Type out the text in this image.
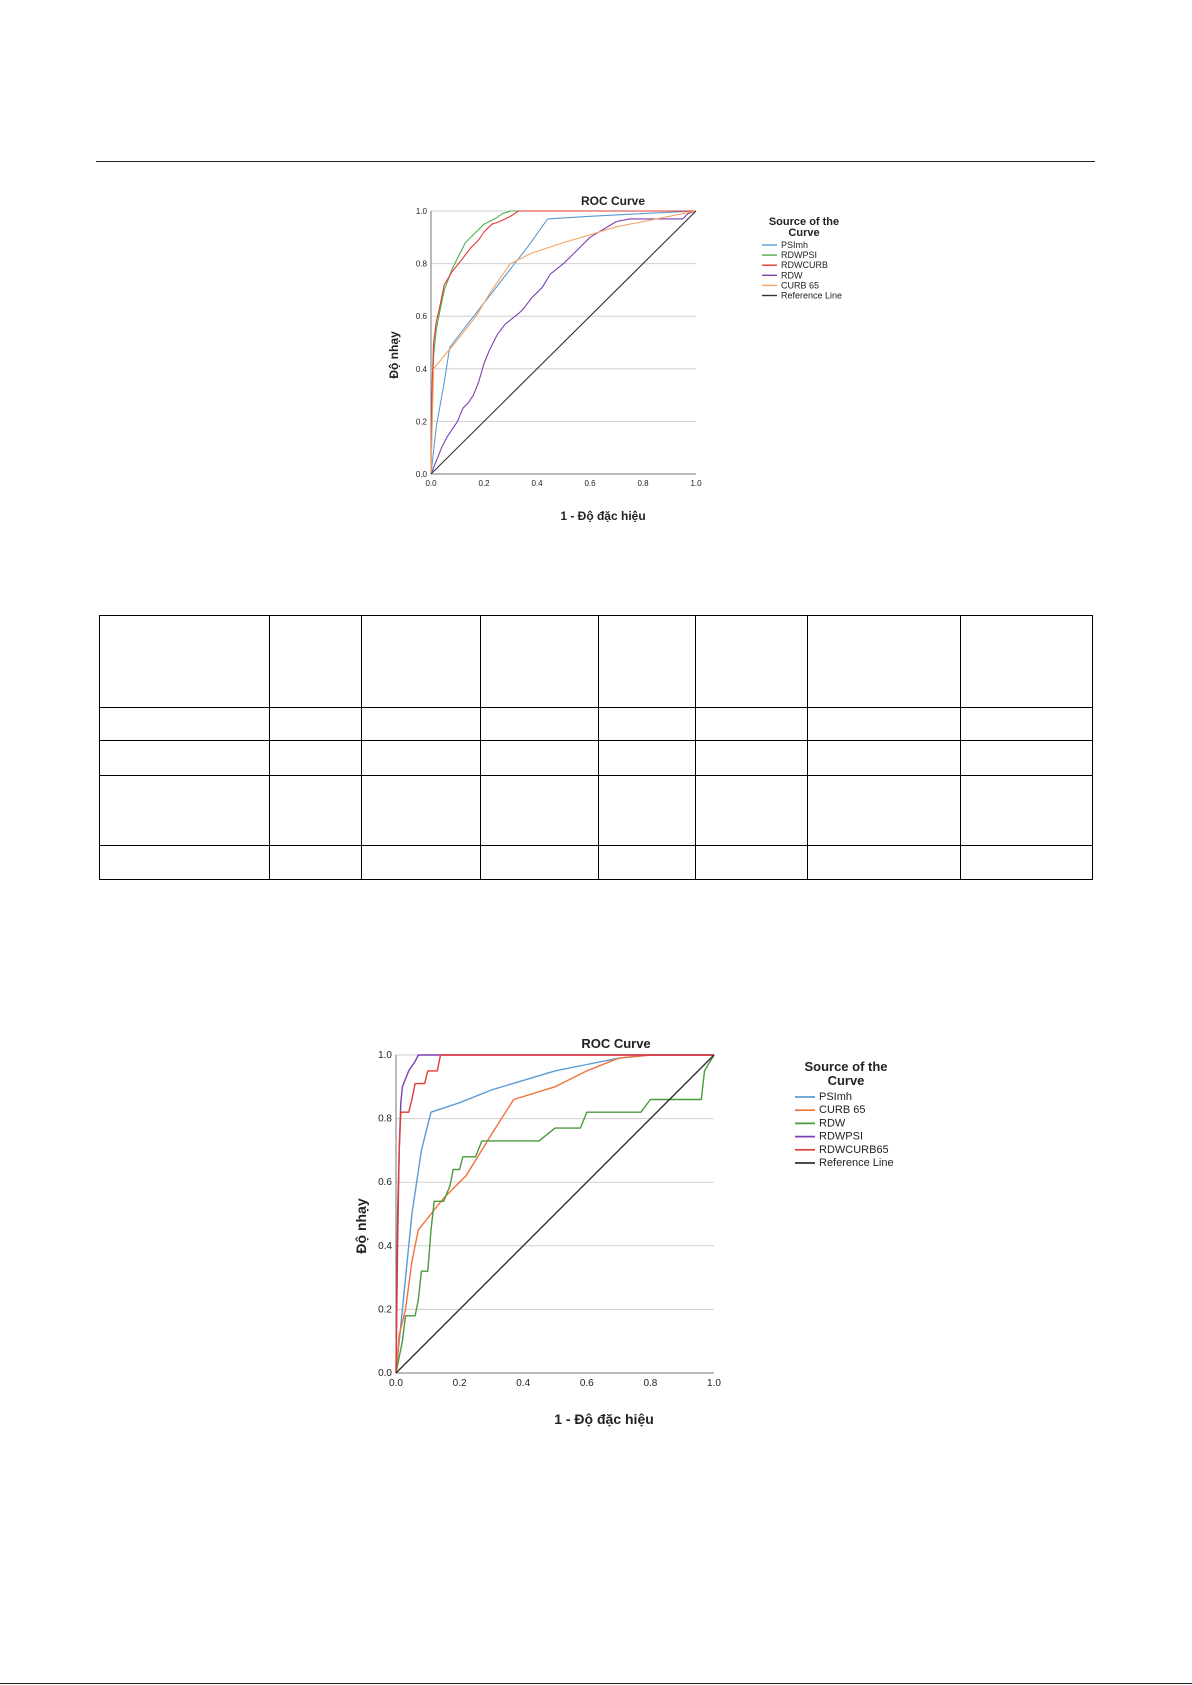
0.0
0.0
0.2
0.2
0.4
0.4
0.6
0.6
0.8
0.8
1.0
1.0
ROC Curve
1 - Độ đặc hiệu
Độ nhạy
Source of the
Curve
PSImh
RDWPSI
RDWCURB
RDW
CURB 65
Reference Line

0.0
0.0
0.2
0.2
0.4
0.4
0.6
0.6
0.8
0.8
1.0
1.0
ROC Curve
1 - Độ đặc hiệu
Độ nhạy
Source of the
Curve
PSImh
CURB 65
RDW
RDWPSI
RDWCURB65
Reference Line
